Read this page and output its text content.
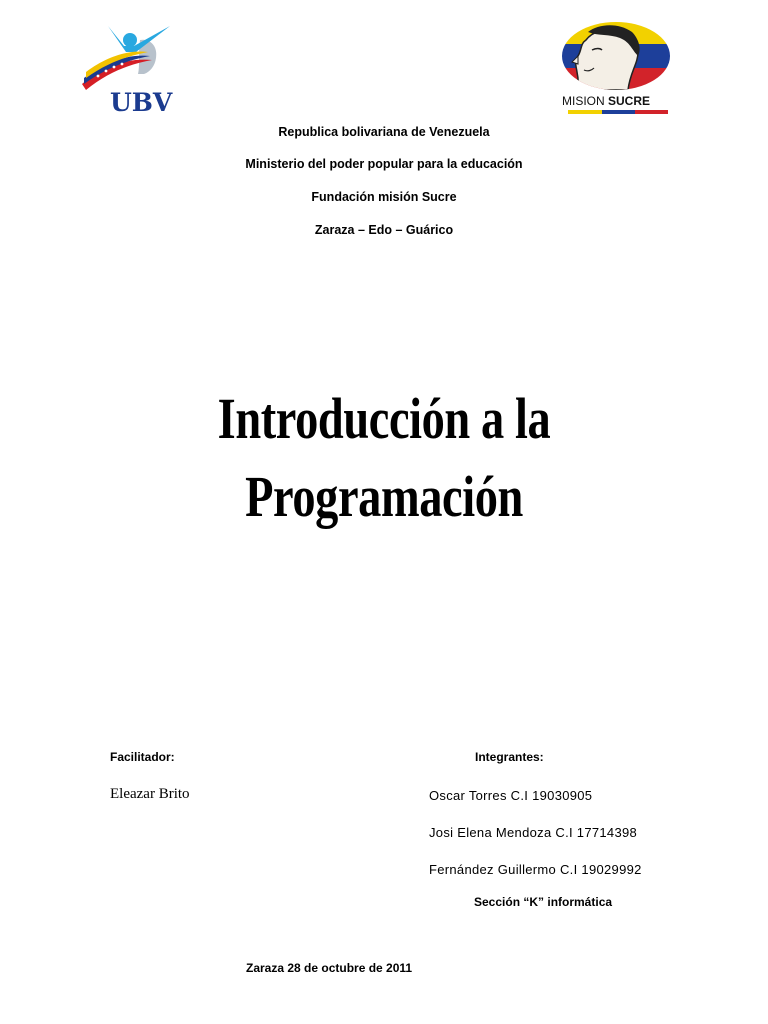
UBV	MISION SUCRE
Republica bolivariana de Venezuela
Ministerio del poder popular para la educación
Fundación misión Sucre
Zaraza – Edo – Guárico
Introducción a la
Programación
Facilitador:
Eleazar Brito
Integrantes:
Oscar Torres C.I 19030905
Josi Elena Mendoza C.I 17714398
Fernández Guillermo C.I 19029992
Sección “K” informática
Zaraza 28 de octubre de 2011
